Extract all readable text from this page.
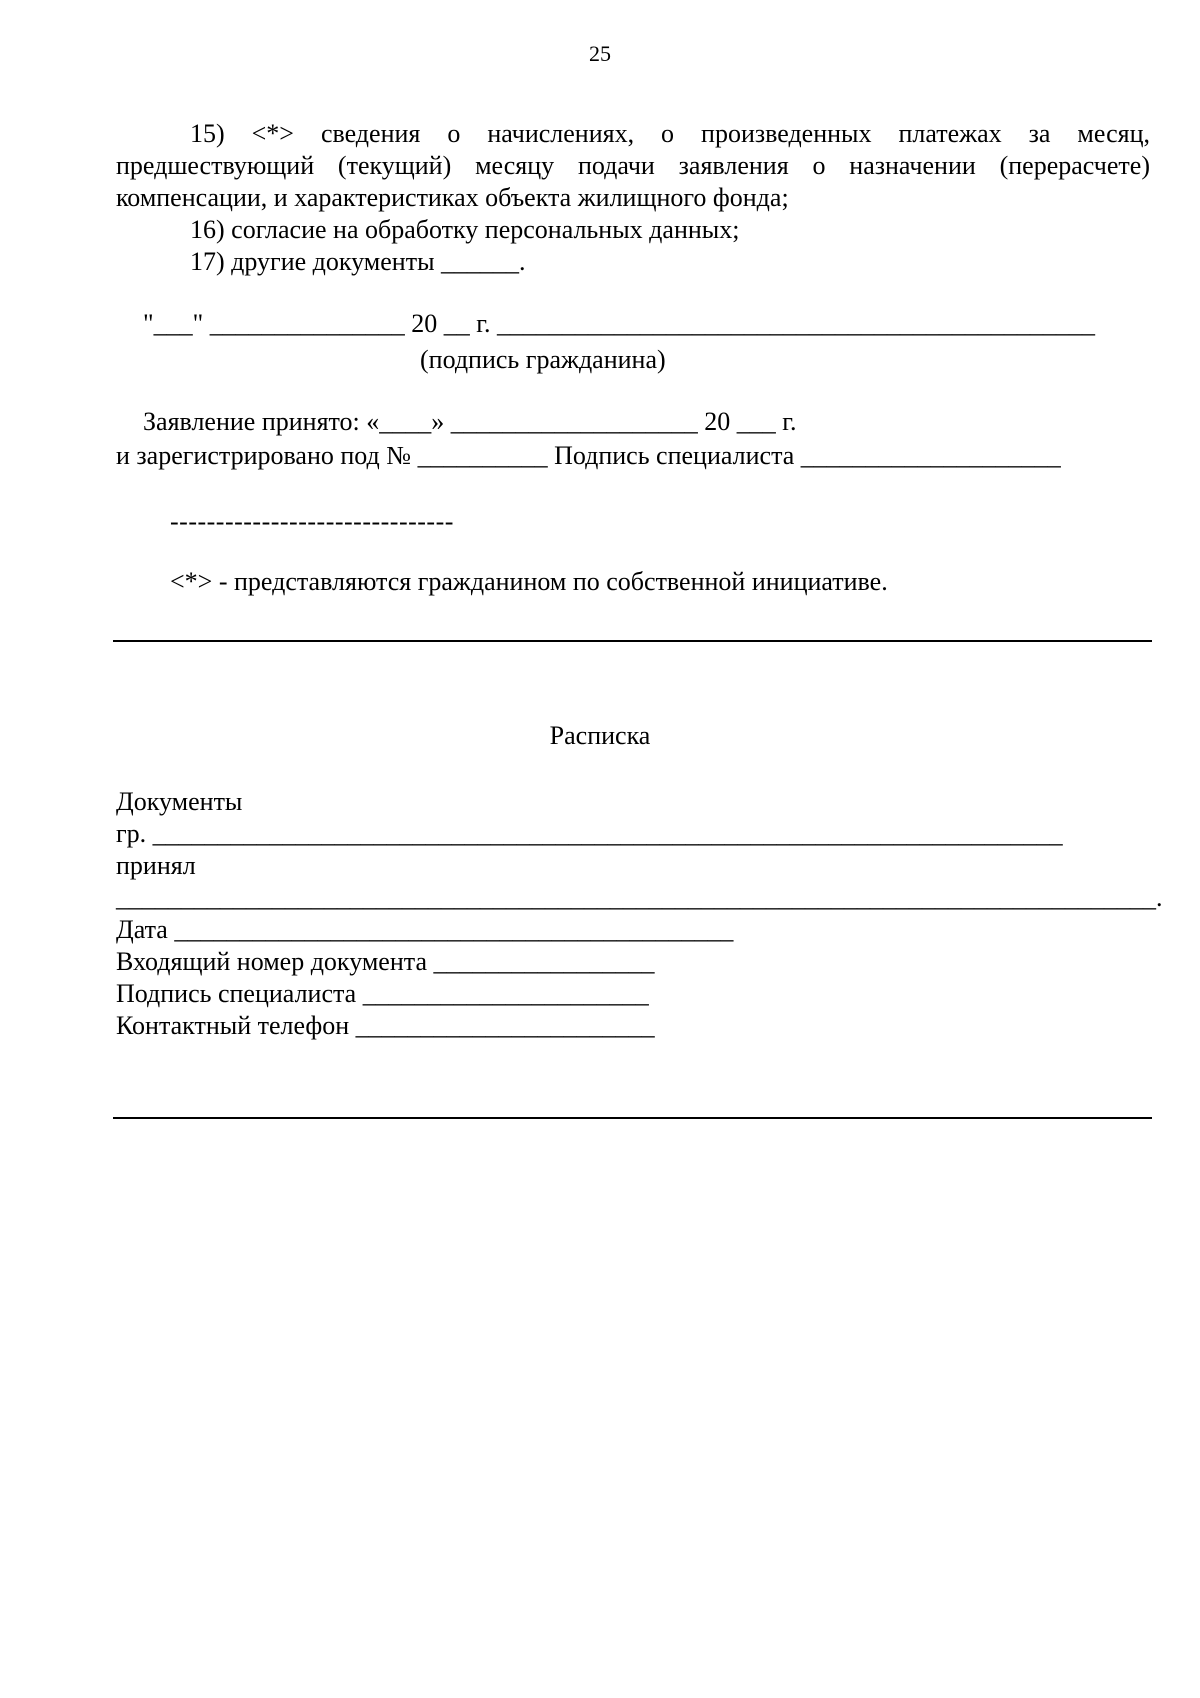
25
15) <*> сведения о начислениях, о произведенных платежах за месяц,
предшествующий (текущий) месяцу подачи заявления о назначении (перерасчете)
компенсации, и характеристиках объекта жилищного фонда;
16) согласие на обработку персональных данных;
17) другие документы ______.
"___" _______________ 20 __ г. ______________________________________________
(подпись гражданина)
Заявление принято: «____» ___________________ 20 ___ г.
и зарегистрировано под № __________ Подпись специалиста ____________________
-------------------------------
<*> - представляются гражданином по собственной инициативе.
Расписка
Документы
гр. ______________________________________________________________________
принял
________________________________________________________________________________.
Дата ___________________________________________
Входящий номер документа _________________
Подпись специалиста ______________________
Контактный телефон _______________________
